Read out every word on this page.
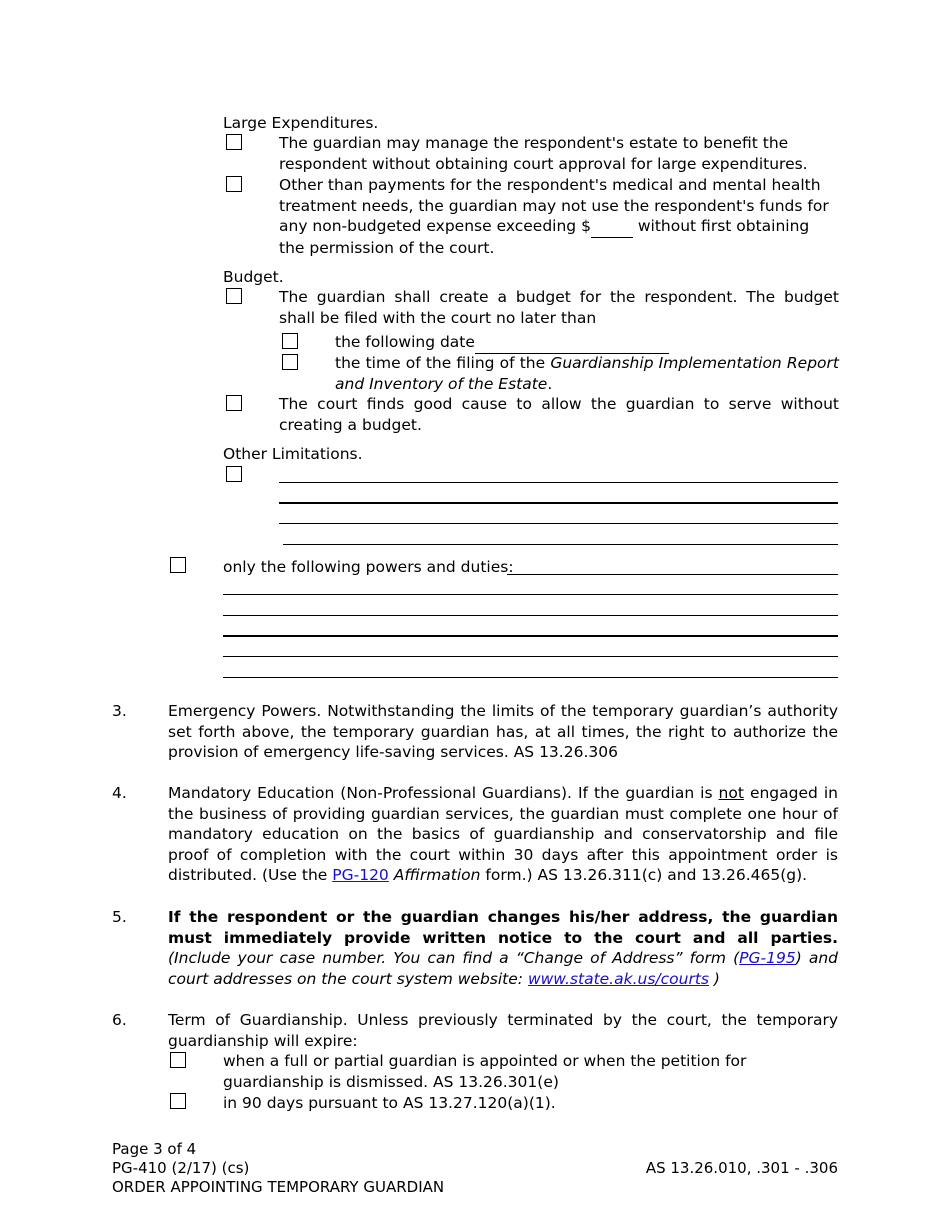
Large Expenditures.
The guardian may manage the respondent's estate to benefit the respondent without obtaining court approval for large expenditures.
Other than payments for the respondent's medical and mental health treatment needs, the guardian may not use the respondent's funds for any non-budgeted expense exceeding $	without first obtaining the permission of the court.
Budget.
The guardian shall create a budget for the respondent. The budget shall be filed with the court no later than
the following date
the time of the filing of the Guardianship Implementation Report and Inventory of the Estate.
The court finds good cause to allow the guardian to serve without creating a budget.
Other Limitations.
only the following powers and duties:
3.	Emergency Powers. Notwithstanding the limits of the temporary guardian’s authority set forth above, the temporary guardian has, at all times, the right to authorize the provision of emergency life-saving services. AS 13.26.306
4.	Mandatory Education (Non-Professional Guardians). If the guardian is not engaged in the business of providing guardian services, the guardian must complete one hour of mandatory education on the basics of guardianship and conservatorship and file proof of completion with the court within 30 days after this appointment order is distributed. (Use the PG-120 Affirmation form.) AS 13.26.311(c) and 13.26.465(g).
5.	If the respondent or the guardian changes his/her address, the guardian must immediately provide written notice to the court and all parties. (Include your case number. You can find a “Change of Address” form (PG-195) and court addresses on the court system website: www.state.ak.us/courts )
6.	Term of Guardianship. Unless previously terminated by the court, the temporary guardianship will expire:
when a full or partial guardian is appointed or when the petition for guardianship is dismissed. AS 13.26.301(e)
in 90 days pursuant to AS 13.27.120(a)(1).
Page 3 of 4
PG-410 (2/17) (cs)
ORDER APPOINTING TEMPORARY GUARDIAN
AS 13.26.010, .301 - .306
